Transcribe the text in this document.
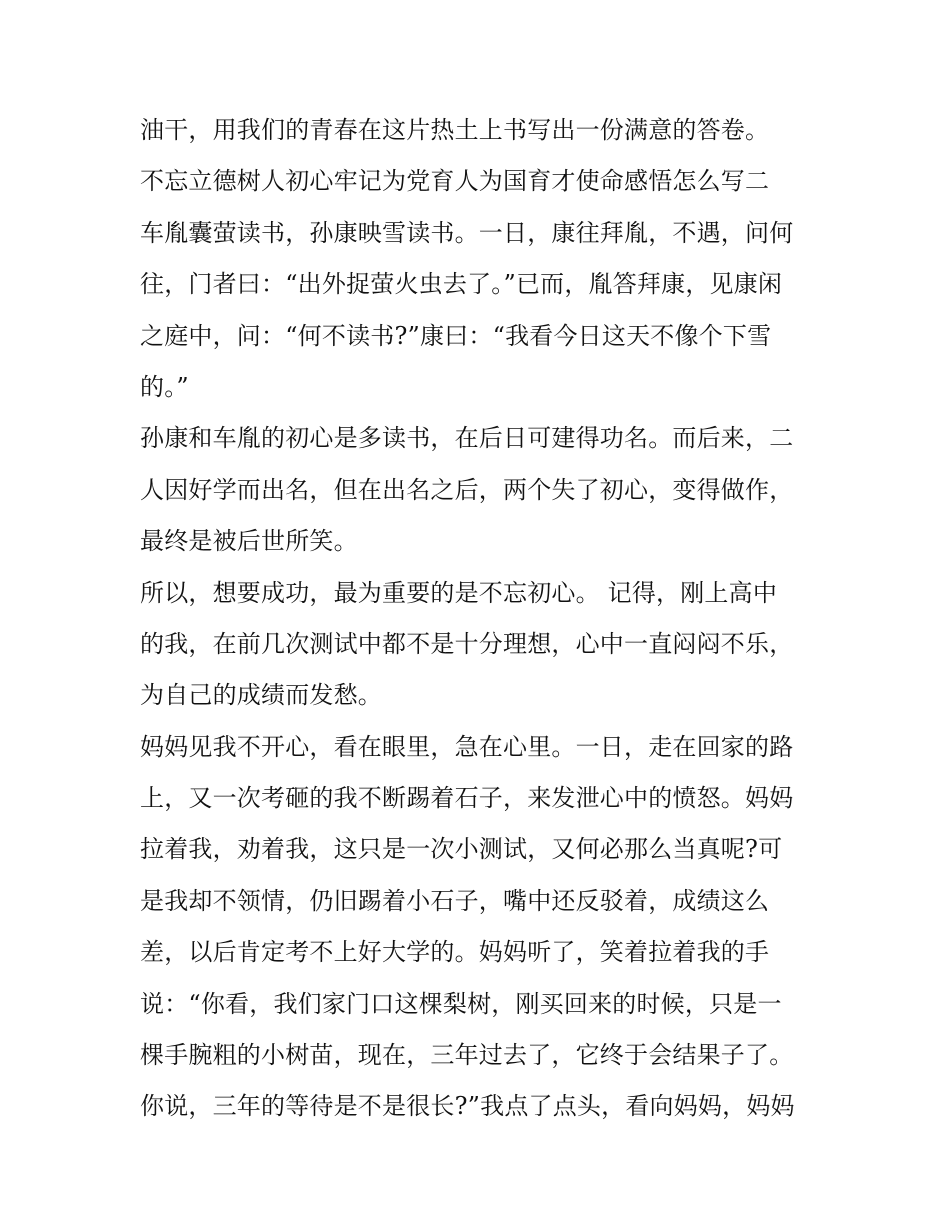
油干，用我们的青春在这片热土上书写出一份满意的答卷。
不忘立德树人初心牢记为党育人为国育才使命感悟怎么写二
车胤囊萤读书，孙康映雪读书。一日，康往拜胤，不遇，问何
往，门者曰：“出外捉萤火虫去了。”已而，胤答拜康，见康闲
之庭中，问：“何不读书?”康曰：“我看今日这天不像个下雪
的。”
孙康和车胤的初心是多读书，在后日可建得功名。而后来，二
人因好学而出名，但在出名之后，两个失了初心，变得做作，
最终是被后世所笑。
所以，想要成功，最为重要的是不忘初心。 记得，刚上高中
的我，在前几次测试中都不是十分理想，心中一直闷闷不乐，
为自己的成绩而发愁。
妈妈见我不开心，看在眼里，急在心里。一日，走在回家的路
上，又一次考砸的我不断踢着石子，来发泄心中的愤怒。妈妈
拉着我，劝着我，这只是一次小测试，又何必那么当真呢?可
是我却不领情，仍旧踢着小石子，嘴中还反驳着，成绩这么
差，以后肯定考不上好大学的。妈妈听了，笑着拉着我的手
说：“你看，我们家门口这棵梨树，刚买回来的时候，只是一
棵手腕粗的小树苗，现在，三年过去了，它终于会结果子了。
你说，三年的等待是不是很长?”我点了点头，看向妈妈，妈妈
